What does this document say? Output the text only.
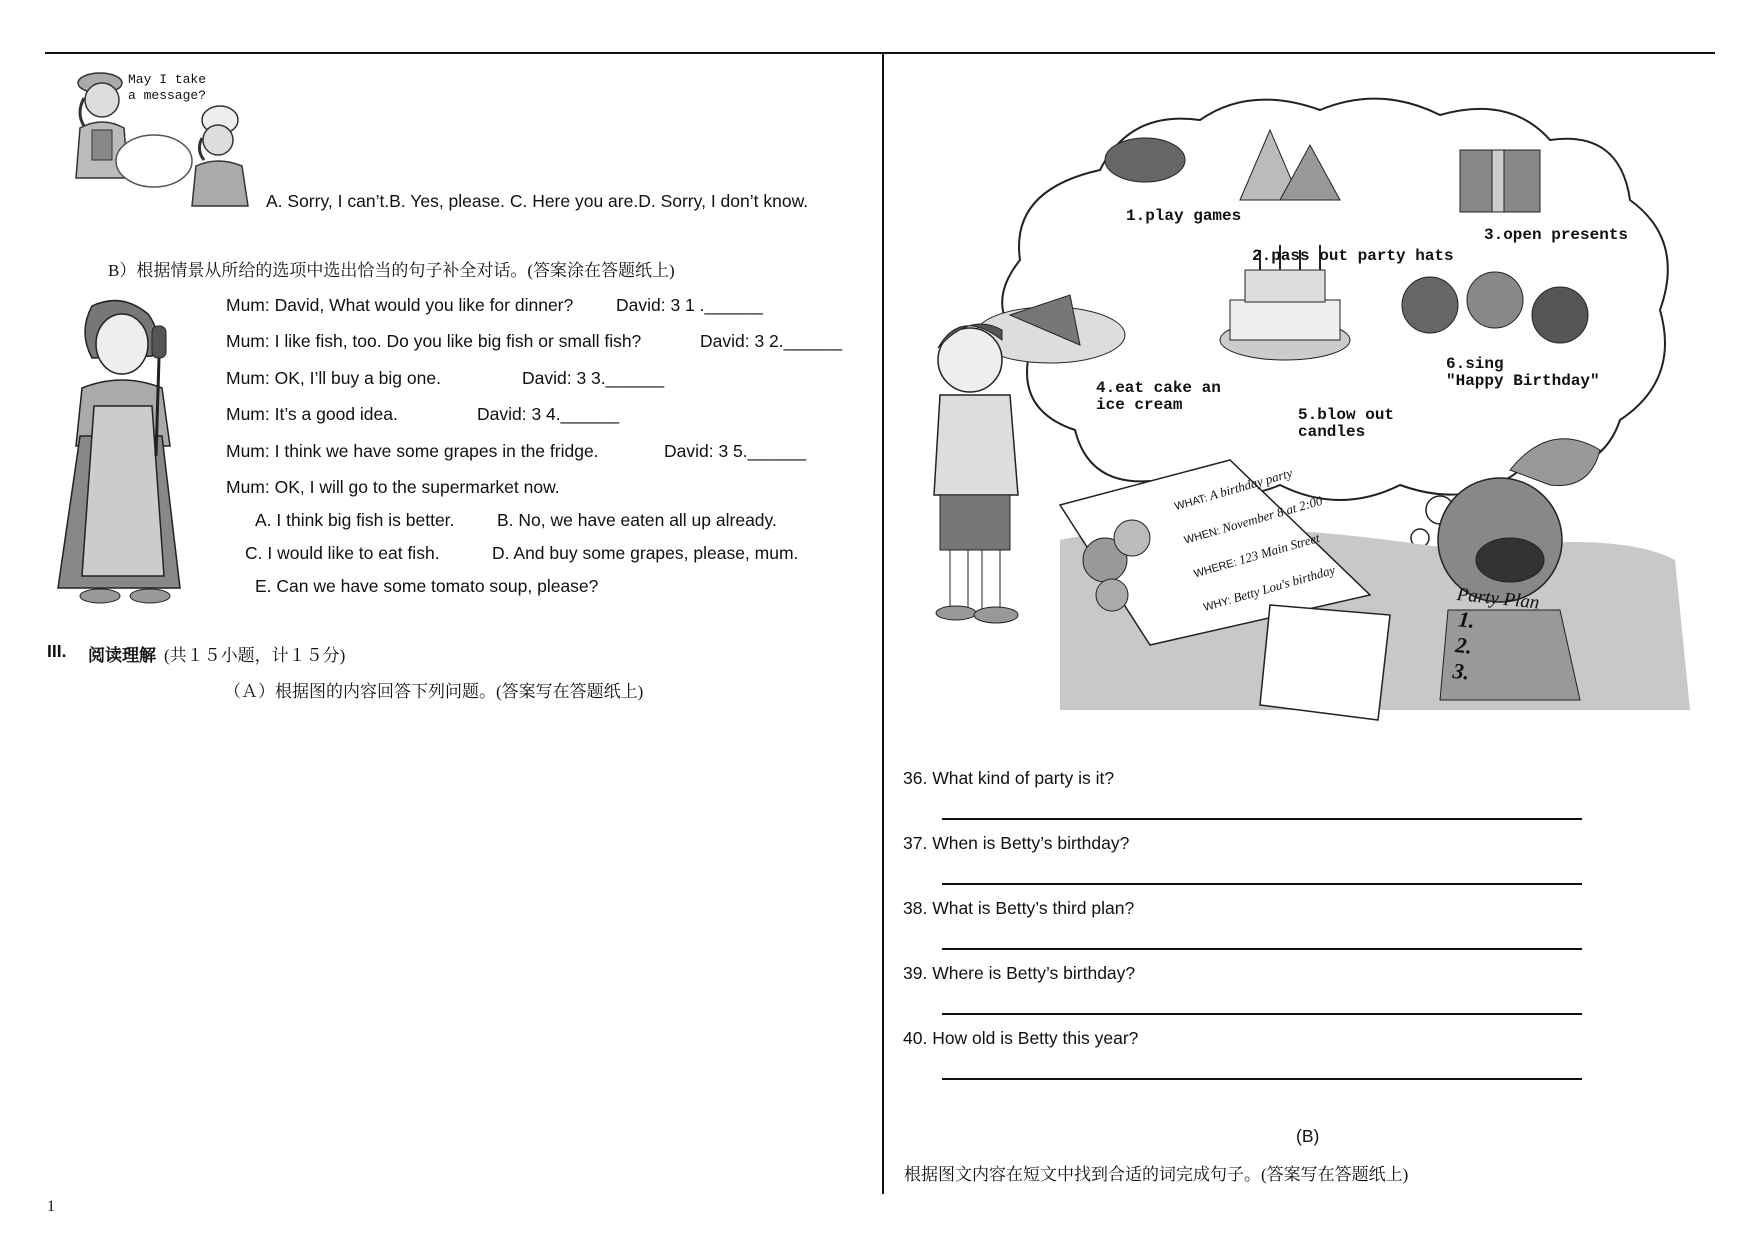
May I take
a message?
A. Sorry, I can’t.B. Yes, please. C. Here you are.D. Sorry, I don’t know.
B）根据情景从所给的选项中选出恰当的句子补全对话。(答案涂在答题纸上)
Mum: David, What would you like for dinner? David: 3 1 .______
Mum: I like fish, too. Do you like big fish or small fish?	David: 3 2.______
Mum: OK, I’ll buy a big one.	David: 3 3.______
Mum: It’s a good idea.	David: 3 4.______
Mum: I think we have some grapes in the fridge.	David: 3 5.______
Mum: OK, I will go to the supermarket now.
A. I think big fish is better. B. No, we have eaten all up already.
C. I would like to eat fish.	D. And buy some grapes, please, mum.
E. Can we have some tomato soup, please?
III. 阅读理解 (共１５小题，计１５分)
（Ａ）根据图的内容回答下列问题。(答案写在答题纸上)
1.play games
2.pass out party hats
3.open presents
4.eat cake an
ice cream
5.blow out
candles
6.sing
"Happy Birthday"
WHAT: A birthday party
WHEN: November 8 at 2:00
WHERE: 123 Main Street
WHY: Betty Lou's birthday	Party Plan
1.
2.
3.
36. What kind of party is it?
37. When is Betty’s birthday?
38. What is Betty’s third plan?
39. Where is Betty’s birthday?
40. How old is Betty this year?
(B)
根据图文内容在短文中找到合适的词完成句子。(答案写在答题纸上)
1
